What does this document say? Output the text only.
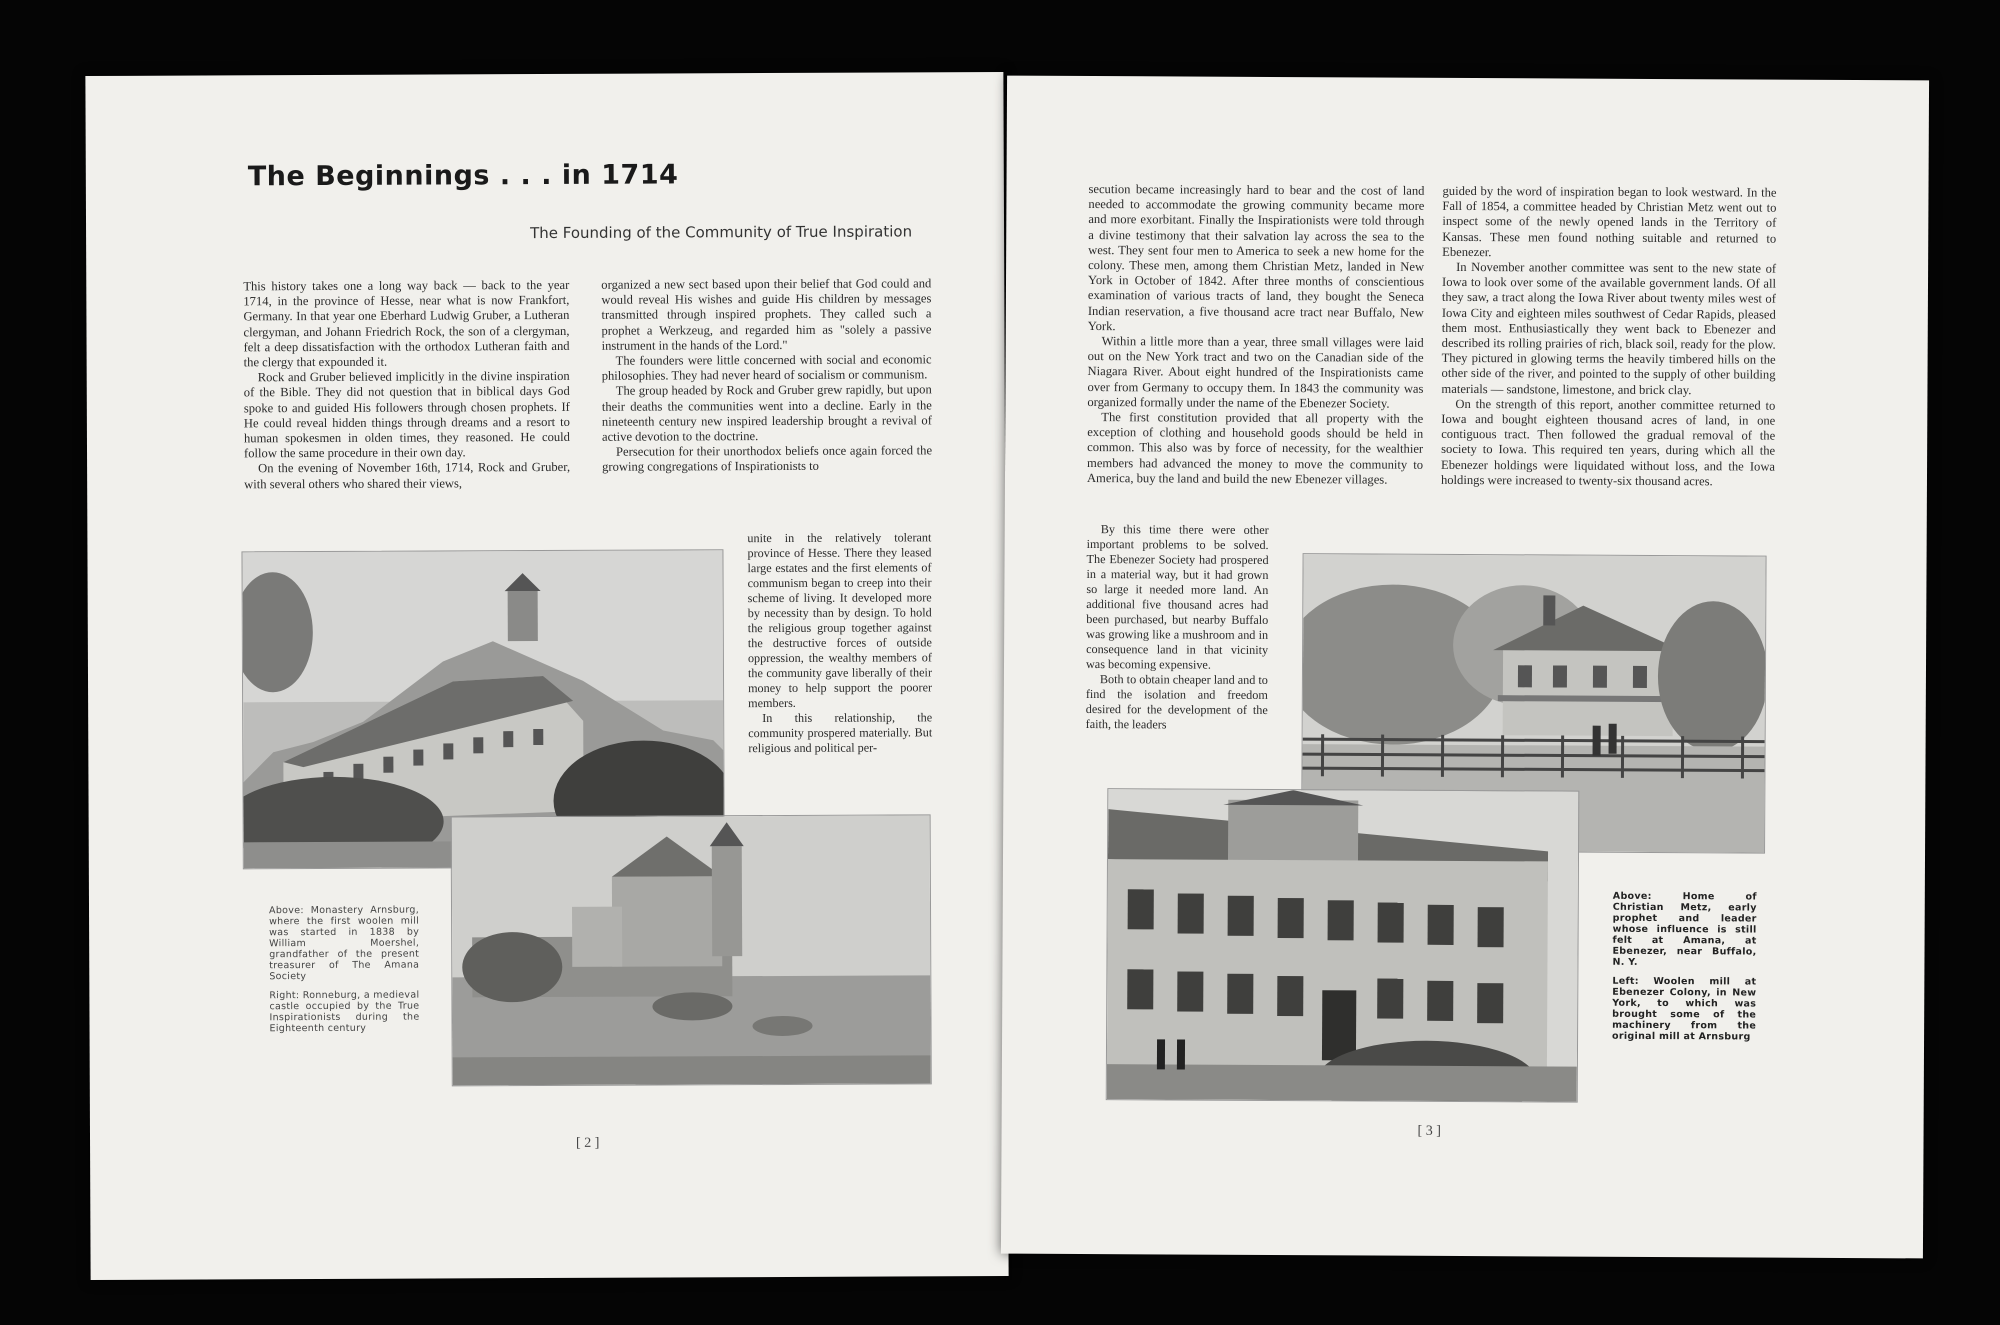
The Beginnings . . . in 1714

The Founding of the Community of True Inspiration

This history takes one a long way back — back to the year 1714, in the province of Hesse, near what is now Frankfort, Germany. In that year one Eberhard Ludwig Gruber, a Lutheran clergyman, and Johann Friedrich Rock, the son of a clergyman, felt a deep dissatisfaction with the orthodox Lutheran faith and the clergy that expounded it.

Rock and Gruber believed implicitly in the divine inspiration of the Bible. They did not question that in biblical days God spoke to and guided His followers through chosen prophets. If He could reveal hidden things through dreams and a resort to human spokesmen in olden times, they reasoned. He could follow the same procedure in their own day.

On the evening of November 16th, 1714, Rock and Gruber, with several others who shared their views,

organized a new sect based upon their belief that God could and would reveal His wishes and guide His children by messages transmitted through inspired prophets. They called such a prophet a Werkzeug, and regarded him as "solely a passive instrument in the hands of the Lord."

The founders were little concerned with social and economic philosophies. They had never heard of socialism or communism.

The group headed by Rock and Gruber grew rapidly, but upon their deaths the communities went into a decline. Early in the nineteenth century new inspired leadership brought a revival of active devotion to the doctrine.

Persecution for their unorthodox beliefs once again forced the growing congregations of Inspirationists to

unite in the relatively tolerant province of Hesse. There they leased large estates and the first elements of communism began to creep into their scheme of living. It developed more by necessity than by design. To hold the religious group together against the destructive forces of outside oppression, the wealthy members of the community gave liberally of their money to help support the poorer members.

In this relationship, the community prospered materially. But religious and political per-

Above: Monastery Arnsburg, where the first woolen mill was started in 1838 by William Moershel, grandfather of the present treasurer of The Amana Society

Right: Ronneburg, a medieval castle occupied by the True Inspirationists during the Eighteenth century

[ 2 ]

secution became increasingly hard to bear and the cost of land needed to accommodate the growing community became more and more exorbitant. Finally the Inspirationists were told through a divine testimony that their salvation lay across the sea to the west. They sent four men to America to seek a new home for the colony. These men, among them Christian Metz, landed in New York in October of 1842. After three months of conscientious examination of various tracts of land, they bought the Seneca Indian reservation, a five thousand acre tract near Buffalo, New York.

Within a little more than a year, three small villages were laid out on the New York tract and two on the Canadian side of the Niagara River. About eight hundred of the Inspirationists came over from Germany to occupy them. In 1843 the community was organized formally under the name of the Ebenezer Society.

The first constitution provided that all property with the exception of clothing and household goods should be held in common. This also was by force of necessity, for the wealthier members had advanced the money to move the community to America, buy the land and build the new Ebenezer villages.

By this time there were other important problems to be solved. The Ebenezer Society had prospered in a material way, but it had grown so large it needed more land. An additional five thousand acres had been purchased, but nearby Buffalo was growing like a mushroom and in consequence land in that vicinity was becoming expensive.

Both to obtain cheaper land and to find the isolation and freedom desired for the development of the faith, the leaders

guided by the word of inspiration began to look westward. In the Fall of 1854, a committee headed by Christian Metz went out to inspect some of the newly opened lands in the Territory of Kansas. These men found nothing suitable and returned to Ebenezer.

In November another committee was sent to the new state of Iowa to look over some of the available government lands. Of all they saw, a tract along the Iowa River about twenty miles west of Iowa City and eighteen miles southwest of Cedar Rapids, pleased them most. Enthusiastically they went back to Ebenezer and described its rolling prairies of rich, black soil, ready for the plow. They pictured in glowing terms the heavily timbered hills on the other side of the river, and pointed to the supply of other building materials — sandstone, limestone, and brick clay.

On the strength of this report, another committee returned to Iowa and bought eighteen thousand acres of land, in one contiguous tract. Then followed the gradual removal of the society to Iowa. This required ten years, during which all the Ebenezer holdings were liquidated without loss, and the Iowa holdings were increased to twenty-six thousand acres.

Above: Home of Christian Metz, early prophet and leader whose influence is still felt at Amana, at Ebenezer, near Buffalo, N. Y.

Left: Woolen mill at Ebenezer Colony, in New York, to which was brought some of the machinery from the original mill at Arnsburg

[ 3 ]
